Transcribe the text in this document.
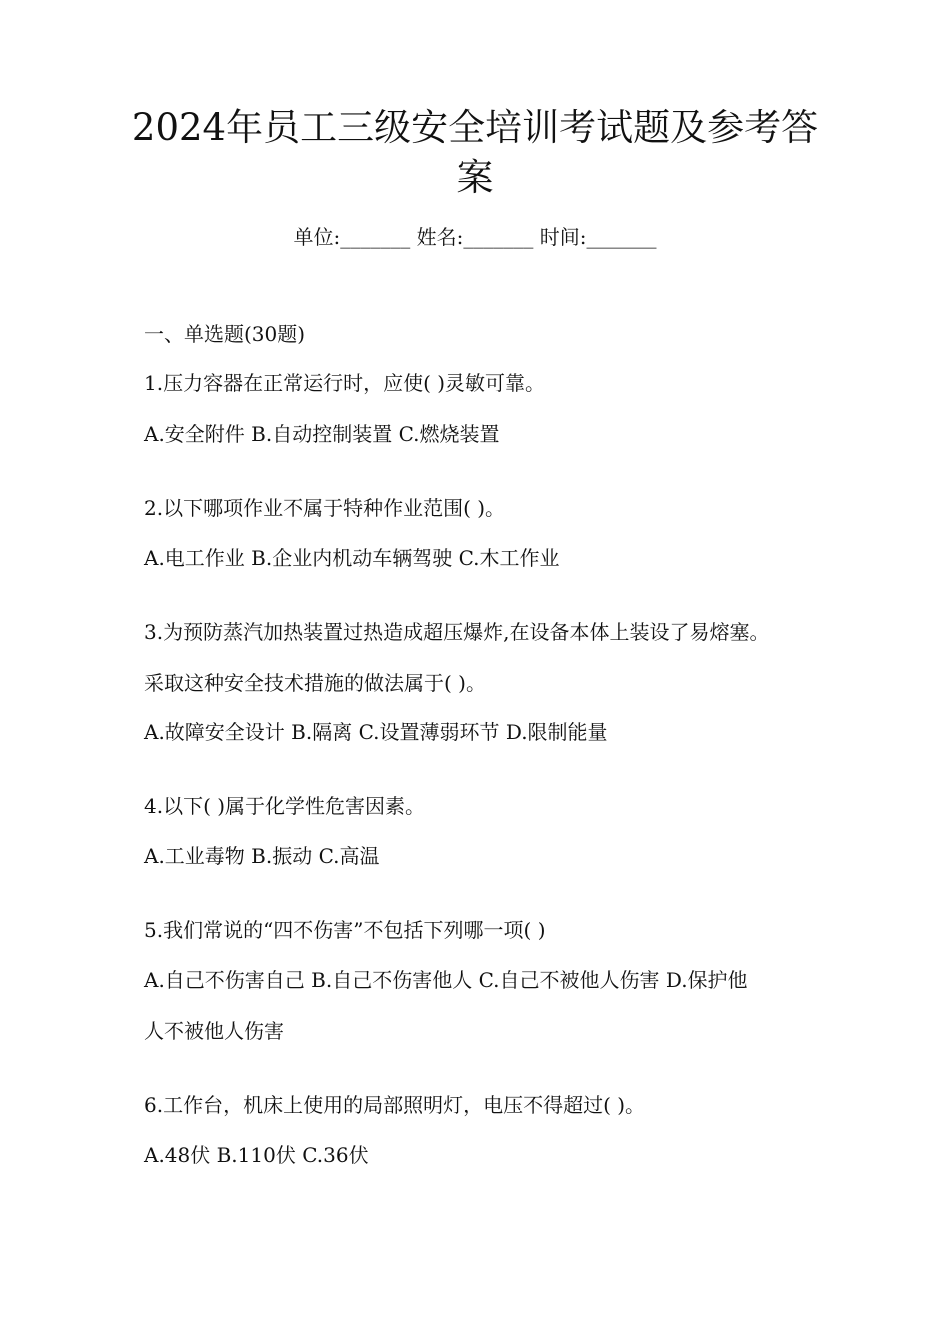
2024年员工三级安全培训考试题及参考答
案
单位:_______ 姓名:_______ 时间:_______
一、单选题(30题)
1.压力容器在正常运行时，应使( )灵敏可靠。
A.安全附件 B.自动控制装置 C.燃烧装置
2.以下哪项作业不属于特种作业范围( )。
A.电工作业 B.企业内机动车辆驾驶 C.木工作业
3.为预防蒸汽加热装置过热造成超压爆炸,在设备本体上装设了易熔塞。
采取这种安全技术措施的做法属于( )。
A.故障安全设计 B.隔离 C.设置薄弱环节 D.限制能量
4.以下( )属于化学性危害因素。
A.工业毒物 B.振动 C.高温
5.我们常说的“四不伤害”不包括下列哪一项( )
A.自己不伤害自己 B.自己不伤害他人 C.自己不被他人伤害 D.保护他
人不被他人伤害
6.工作台，机床上使用的局部照明灯，电压不得超过( )。
A.48伏 B.110伏 C.36伏
